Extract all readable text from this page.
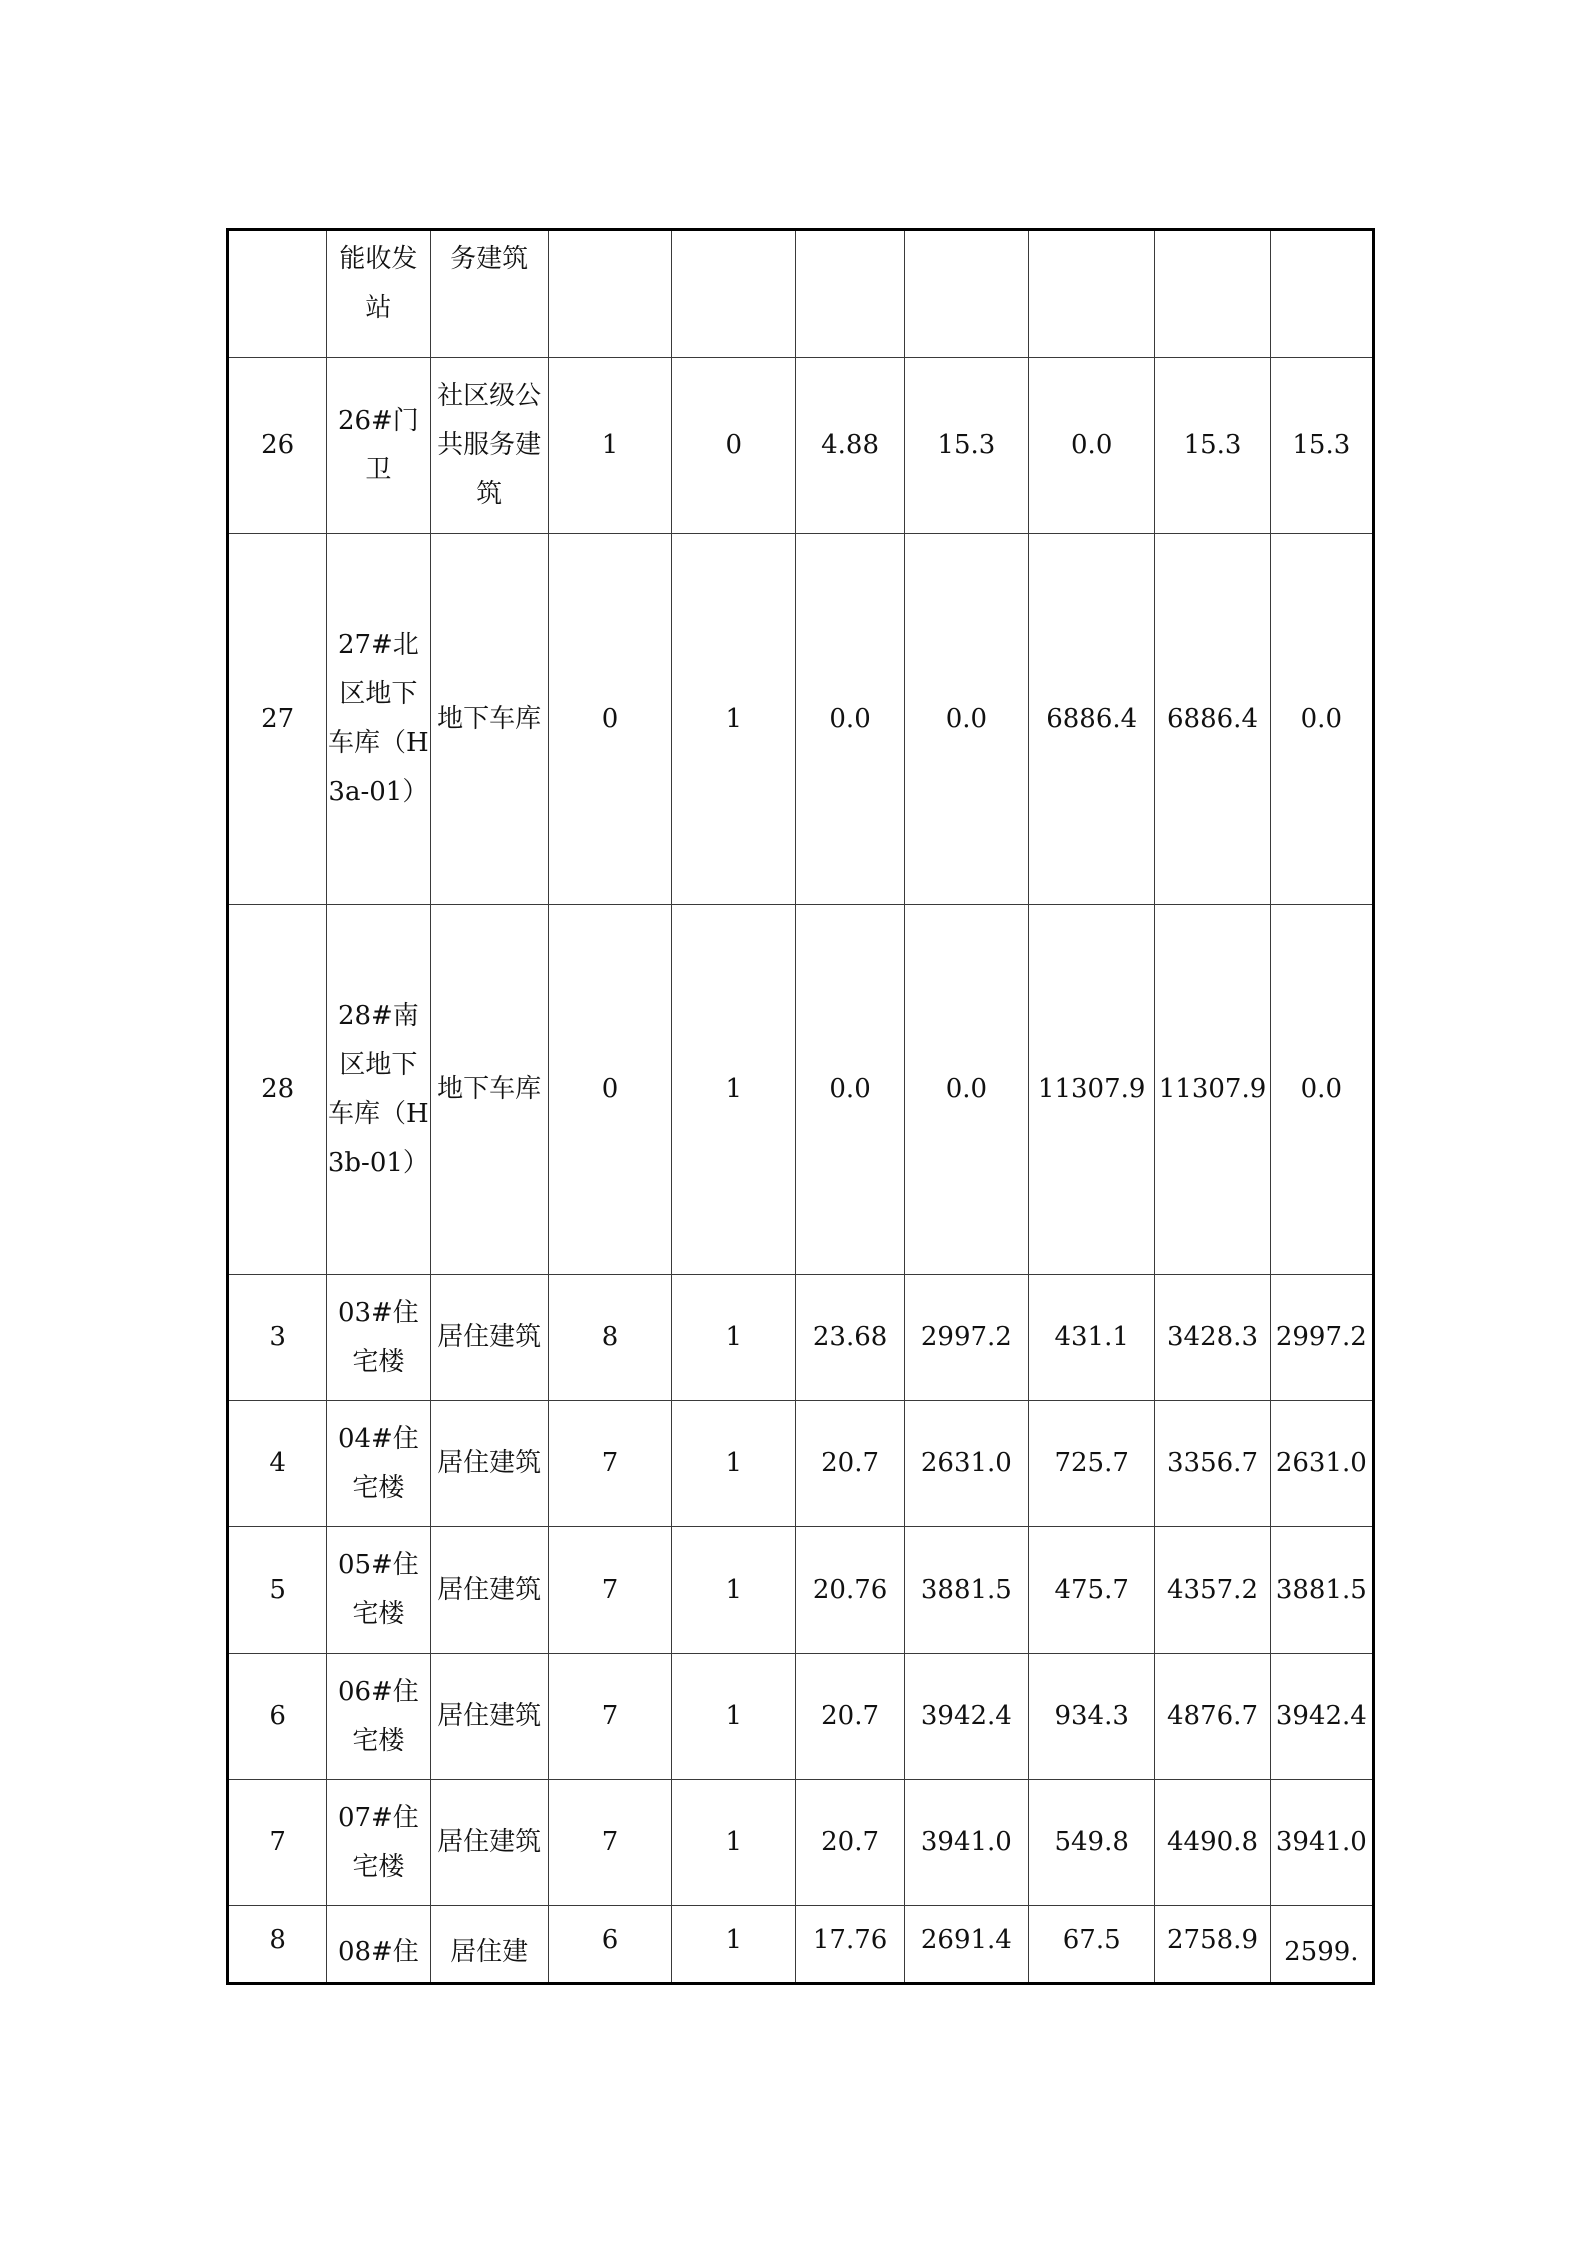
	能收发站	务建筑							
26	26#门卫	社区级公共服务建筑	1	0	4.88	15.3	0.0	15.3	15.3
27	27#北区地下车库（H3a-01）	地下车库	0	1	0.0	0.0	6886.4	6886.4	0.0
28	28#南区地下车库（H3b-01）	地下车库	0	1	0.0	0.0	11307.9	11307.9	0.0
3	03#住宅楼	居住建筑	8	1	23.68	2997.2	431.1	3428.3	2997.2
4	04#住宅楼	居住建筑	7	1	20.7	2631.0	725.7	3356.7	2631.0
5	05#住宅楼	居住建筑	7	1	20.76	3881.5	475.7	4357.2	3881.5
6	06#住宅楼	居住建筑	7	1	20.7	3942.4	934.3	4876.7	3942.4
7	07#住宅楼	居住建筑	7	1	20.7	3941.0	549.8	4490.8	3941.0
8	08#住	居住建	6	1	17.76	2691.4	67.5	2758.9	2599.
